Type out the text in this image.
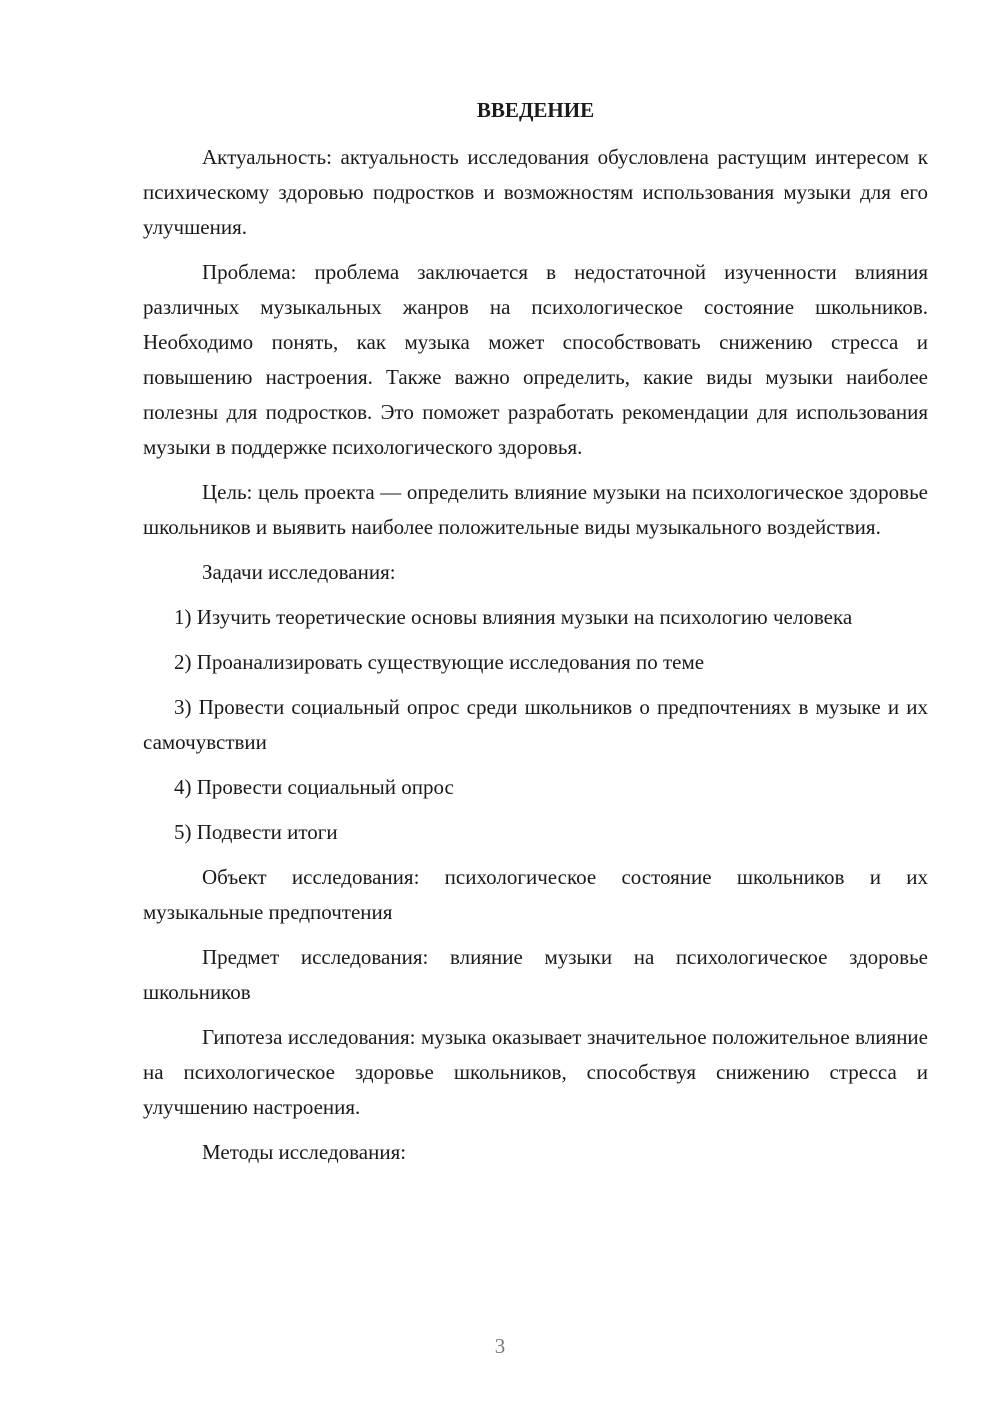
ВВЕДЕНИЕ

Актуальность: актуальность исследования обусловлена растущим интересом к психическому здоровью подростков и возможностям использования музыки для его улучшения.

Проблема: проблема заключается в недостаточной изученности влияния различных музыкальных жанров на психологическое состояние школьников. Необходимо понять, как музыка может способствовать снижению стресса и повышению настроения. Также важно определить, какие виды музыки наиболее полезны для подростков. Это поможет разработать рекомендации для использования музыки в поддержке психологического здоровья.

Цель: цель проекта — определить влияние музыки на психологическое здоровье школьников и выявить наиболее положительные виды музыкального воздействия.

Задачи исследования:

1) Изучить теоретические основы влияния музыки на психологию человека

2) Проанализировать существующие исследования по теме

3) Провести социальный опрос среди школьников о предпочтениях в музыке и их самочувствии

4) Провести социальный опрос

5) Подвести итоги

Объект исследования: психологическое состояние школьников и их музыкальные предпочтения

Предмет исследования: влияние музыки на психологическое здоровье школьников

Гипотеза исследования: музыка оказывает значительное положительное влияние на психологическое здоровье школьников, способствуя снижению стресса и улучшению настроения.

Методы исследования:

3
